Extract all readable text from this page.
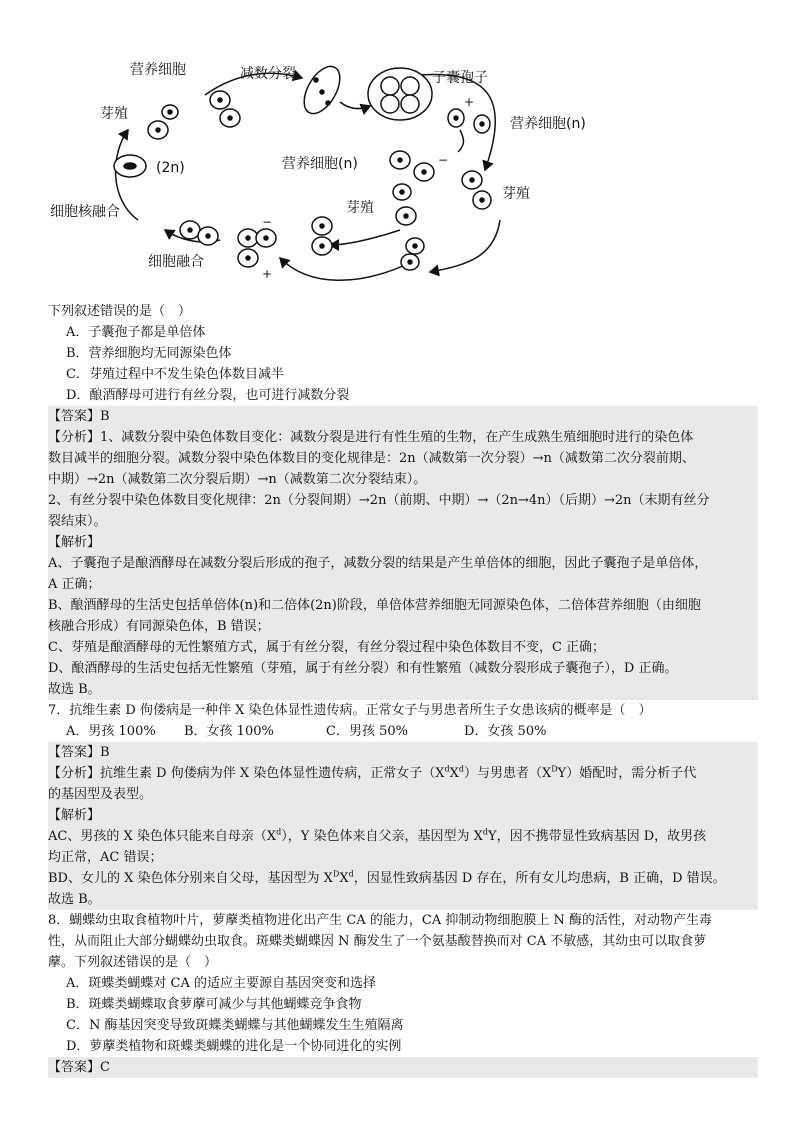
营养细胞	减数分裂	子囊孢子
营养细胞(n)
芽殖
(2n)	营养细胞(n)
芽殖
芽殖
细胞核融合
细胞融合
+
−
−
+
下列叙述错误的是（　）
A．子囊孢子都是单倍体
B．营养细胞均无同源染色体
C．芽殖过程中不发生染色体数目减半
D．酿酒酵母可进行有丝分裂，也可进行减数分裂
【答案】B
【分析】1、减数分裂中染色体数目变化：减数分裂是进行有性生殖的生物，在产生成熟生殖细胞时进行的染色体
数目减半的细胞分裂。减数分裂中染色体数目的变化规律是：2n（减数第一次分裂）→n（减数第二次分裂前期、
中期）→2n（减数第二次分裂后期）→n（减数第二次分裂结束）。
2、有丝分裂中染色体数目变化规律：2n（分裂间期）→2n（前期、中期）→（2n→4n）（后期）→2n（末期有丝分
裂结束）。
【解析】
A、子囊孢子是酿酒酵母在减数分裂后形成的孢子，减数分裂的结果是产生单倍体的细胞，因此子囊孢子是单倍体，
A 正确；
B、酿酒酵母的生活史包括单倍体(n)和二倍体(2n)阶段，单倍体营养细胞无同源染色体，二倍体营养细胞（由细胞
核融合形成）有同源染色体，B 错误；
C、芽殖是酿酒酵母的无性繁殖方式，属于有丝分裂，有丝分裂过程中染色体数目不变，C 正确；
D、酿酒酵母的生活史包括无性繁殖（芽殖，属于有丝分裂）和有性繁殖（减数分裂形成子囊孢子），D 正确。
故选 B。
7．抗维生素 D 佝偻病是一种伴 X 染色体显性遗传病。正常女子与男患者所生子女患该病的概率是（　）
A．男孩 100% B．女孩 100%	C．男孩 50%	D．女孩 50%
【答案】B
【分析】抗维生素 D 佝偻病为伴 X 染色体显性遗传病，正常女子$(X^dX^d)$与男患者$(X^DY)$婚配时，需分析子代
的基因型及表型。
【解析】
AC、男孩的 X 染色体只能来自母亲$(X^d)$，Y 染色体来自父亲，基因型为 $X^dY$，因不携带显性致病基因 D，故男孩
均正常，AC 错误；
BD、女儿的 X 染色体分别来自父母，基因型为 $X^DX^d$，因显性致病基因 D 存在，所有女儿均患病，B 正确，D 错误。
故选 B。
8．蝴蝶幼虫取食植物叶片，萝藦类植物进化出产生 CA 的能力，CA 抑制动物细胞膜上 N 酶的活性，对动物产生毒
性，从而阻止大部分蝴蝶幼虫取食。斑蝶类蝴蝶因 N 酶发生了一个氨基酸替换而对 CA 不敏感，其幼虫可以取食萝
藦。下列叙述错误的是（　）
A．斑蝶类蝴蝶对 CA 的适应主要源自基因突变和选择
B．斑蝶类蝴蝶取食萝藦可减少与其他蝴蝶竞争食物
C．N 酶基因突变导致斑蝶类蝴蝶与其他蝴蝶发生生殖隔离
D．萝藦类植物和斑蝶类蝴蝶的进化是一个协同进化的实例
【答案】C
